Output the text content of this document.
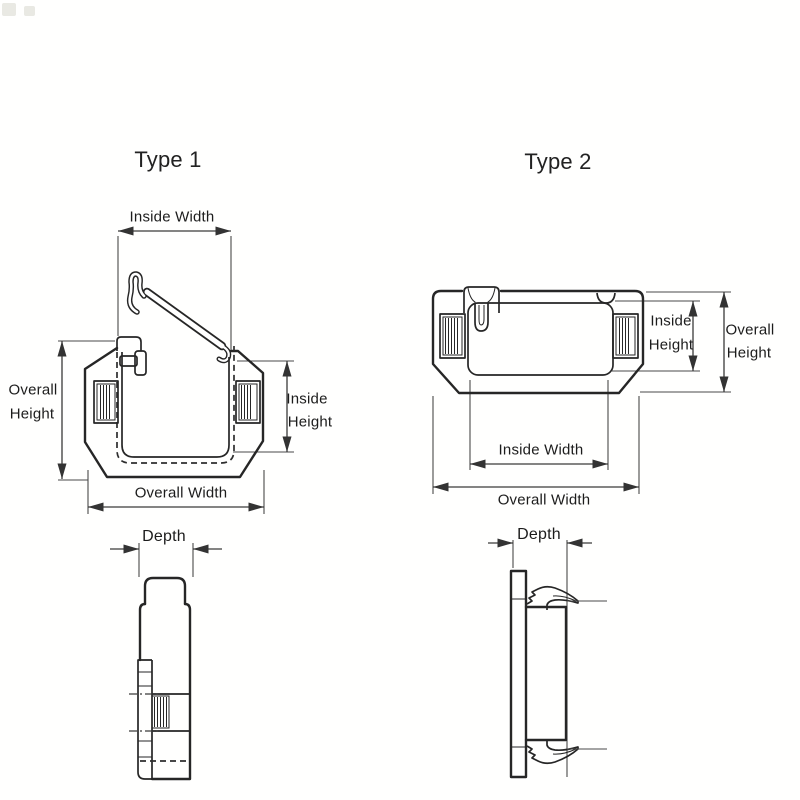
Type 1	Type 2
Inside Width
Overall
Height
Inside
Height
Overall Width
Depth
Inside
Height
Overall
Height
Inside Width
Overall Width
Depth
